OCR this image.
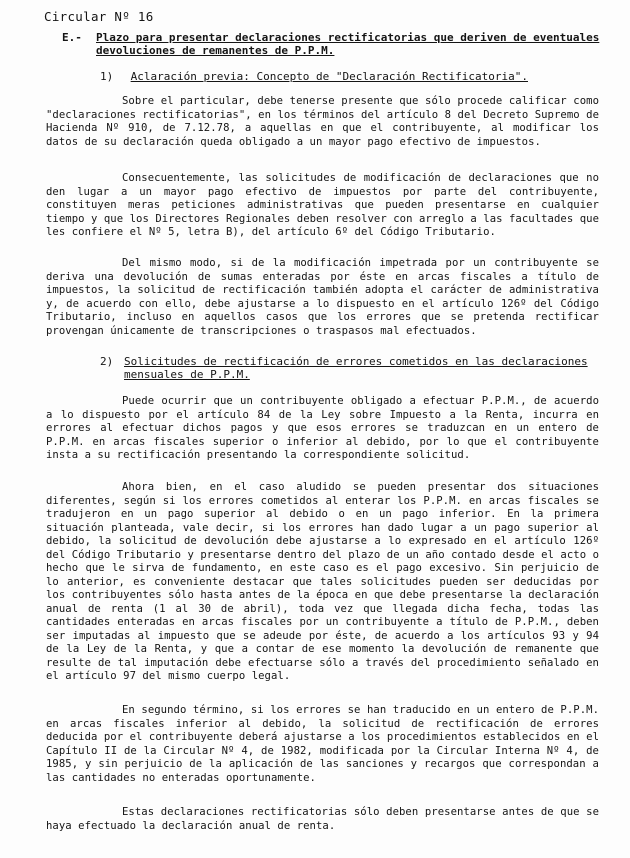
Circular Nº 16
E.-	Plazo para presentar declaraciones rectificatorias que deriven de eventuales devoluciones de remanentes de P.P.M.
1) Aclaración previa: Concepto de "Declaración Rectificatoria".

Sobre el particular, debe tenerse presente que sólo procede calificar como "declaraciones rectificatorias", en los términos del artículo 8 del Decreto Supremo de Hacienda Nº 910, de 7.12.78, a aquellas en que el contribuyente, al modificar los datos de su declaración queda obligado a un mayor pago efectivo de impuestos.

Consecuentemente, las solicitudes de modificación de declaraciones que no den lugar a un mayor pago efectivo de impuestos por parte del contribuyente, constituyen meras peticiones administrativas que pueden presentarse en cualquier tiempo y que los Directores Regionales deben resolver con arreglo a las facultades que les confiere el Nº 5, letra B), del artículo 6º del Código Tributario.

Del mismo modo, si de la modificación impetrada por un contribuyente se deriva una devolución de sumas enteradas por éste en arcas fiscales a título de impuestos, la solicitud de rectificación también adopta el carácter de administrativa y, de acuerdo con ello, debe ajustarse a lo dispuesto en el artículo 126º del Código Tributario, incluso en aquellos casos que los errores que se pretenda rectificar provengan únicamente de transcripciones o traspasos mal efectuados.

2) Solicitudes de rectificación de errores cometidos en las declaraciones mensuales de P.P.M.

Puede ocurrir que un contribuyente obligado a efectuar P.P.M., de acuerdo a lo dispuesto por el artículo 84 de la Ley sobre Impuesto a la Renta, incurra en errores al efectuar dichos pagos y que esos errores se traduzcan en un entero de P.P.M. en arcas fiscales superior o inferior al debido, por lo que el contribuyente insta a su rectificación presentando la correspondiente solicitud.

Ahora bien, en el caso aludido se pueden presentar dos situaciones diferentes, según si los errores cometidos al enterar los P.P.M. en arcas fiscales se tradujeron en un pago superior al debido o en un pago inferior. En la primera situación planteada, vale decir, si los errores han dado lugar a un pago superior al debido, la solicitud de devolución debe ajustarse a lo expresado en el artículo 126º del Código Tributario y presentarse dentro del plazo de un año contado desde el acto o hecho que le sirva de fundamento, en este caso es el pago excesivo. Sin perjuicio de lo anterior, es conveniente destacar que tales solicitudes pueden ser deducidas por los contribuyentes sólo hasta antes de la época en que debe presentarse la declaración anual de renta (1 al 30 de abril), toda vez que llegada dicha fecha, todas las cantidades enteradas en arcas fiscales por un contribuyente a título de P.P.M., deben ser imputadas al impuesto que se adeude por éste, de acuerdo a los artículos 93 y 94 de la Ley de la Renta, y que a contar de ese momento la devolución de remanente que resulte de tal imputación debe efectuarse sólo a través del procedimiento señalado en el artículo 97 del mismo cuerpo legal.

En segundo término, si los errores se han traducido en un entero de P.P.M. en arcas fiscales inferior al debido, la solicitud de rectificación de errores deducida por el contribuyente deberá ajustarse a los procedimientos establecidos en el Capítulo II de la Circular Nº 4, de 1982, modificada por la Circular Interna Nº 4, de 1985, y sin perjuicio de la aplicación de las sanciones y recargos que correspondan a las cantidades no enteradas oportunamente.

Estas declaraciones rectificatorias sólo deben presentarse antes de que se haya efectuado la declaración anual de renta.
